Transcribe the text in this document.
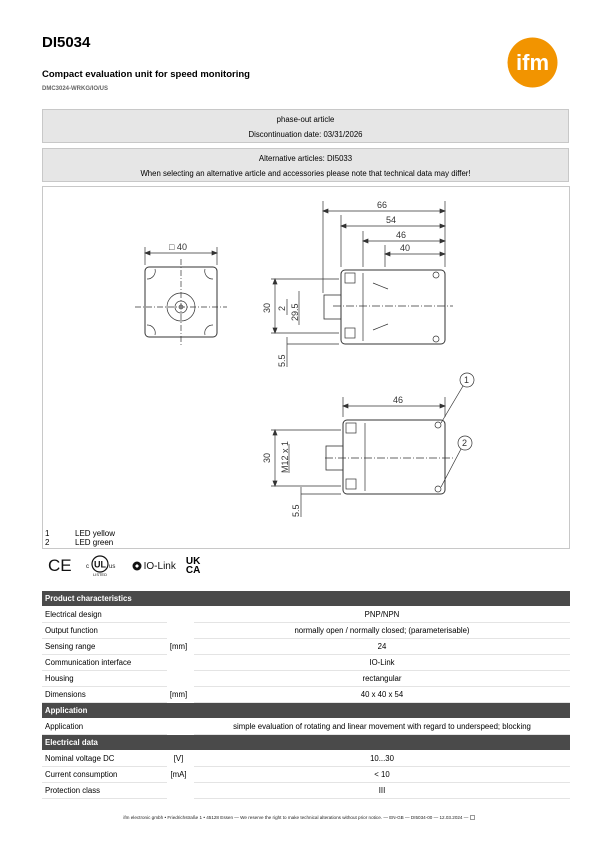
DI5034
Compact evaluation unit for speed monitoring
DMC3024-WRKG/IO/US
ifm
phase-out article
Discontinuation date: 03/31/2026
Alternative articles: DI5033
When selecting an alternative article and accessories please note that technical data may differ!
□ 40
66
54
46
40
30 2 29.5
5.5
46
30 M12 x 1
5.5
1
2
1	LED yellow
2	LED green
CE UL
c	us
LISTED
IO-Link UK
CA
Product characteristics
Electrical design	PNP/NPN
Output function	normally open / normally closed; (parameterisable)
Sensing range	[mm]	24
Communication interface	IO-Link
Housing	rectangular
Dimensions	[mm]	40 x 40 x 54
Application
Application	simple evaluation of rotating and linear movement with regard to underspeed; blocking
Electrical data
Nominal voltage DC	[V]	10...30
Current consumption	[mA]	< 10
Protection class	III
ifm electronic gmbh • Friedrichstraße 1 • 45128 Essen — We reserve the right to make technical alterations without prior notice. — EN-GB — DI5034-00 — 12.03.2024 —
